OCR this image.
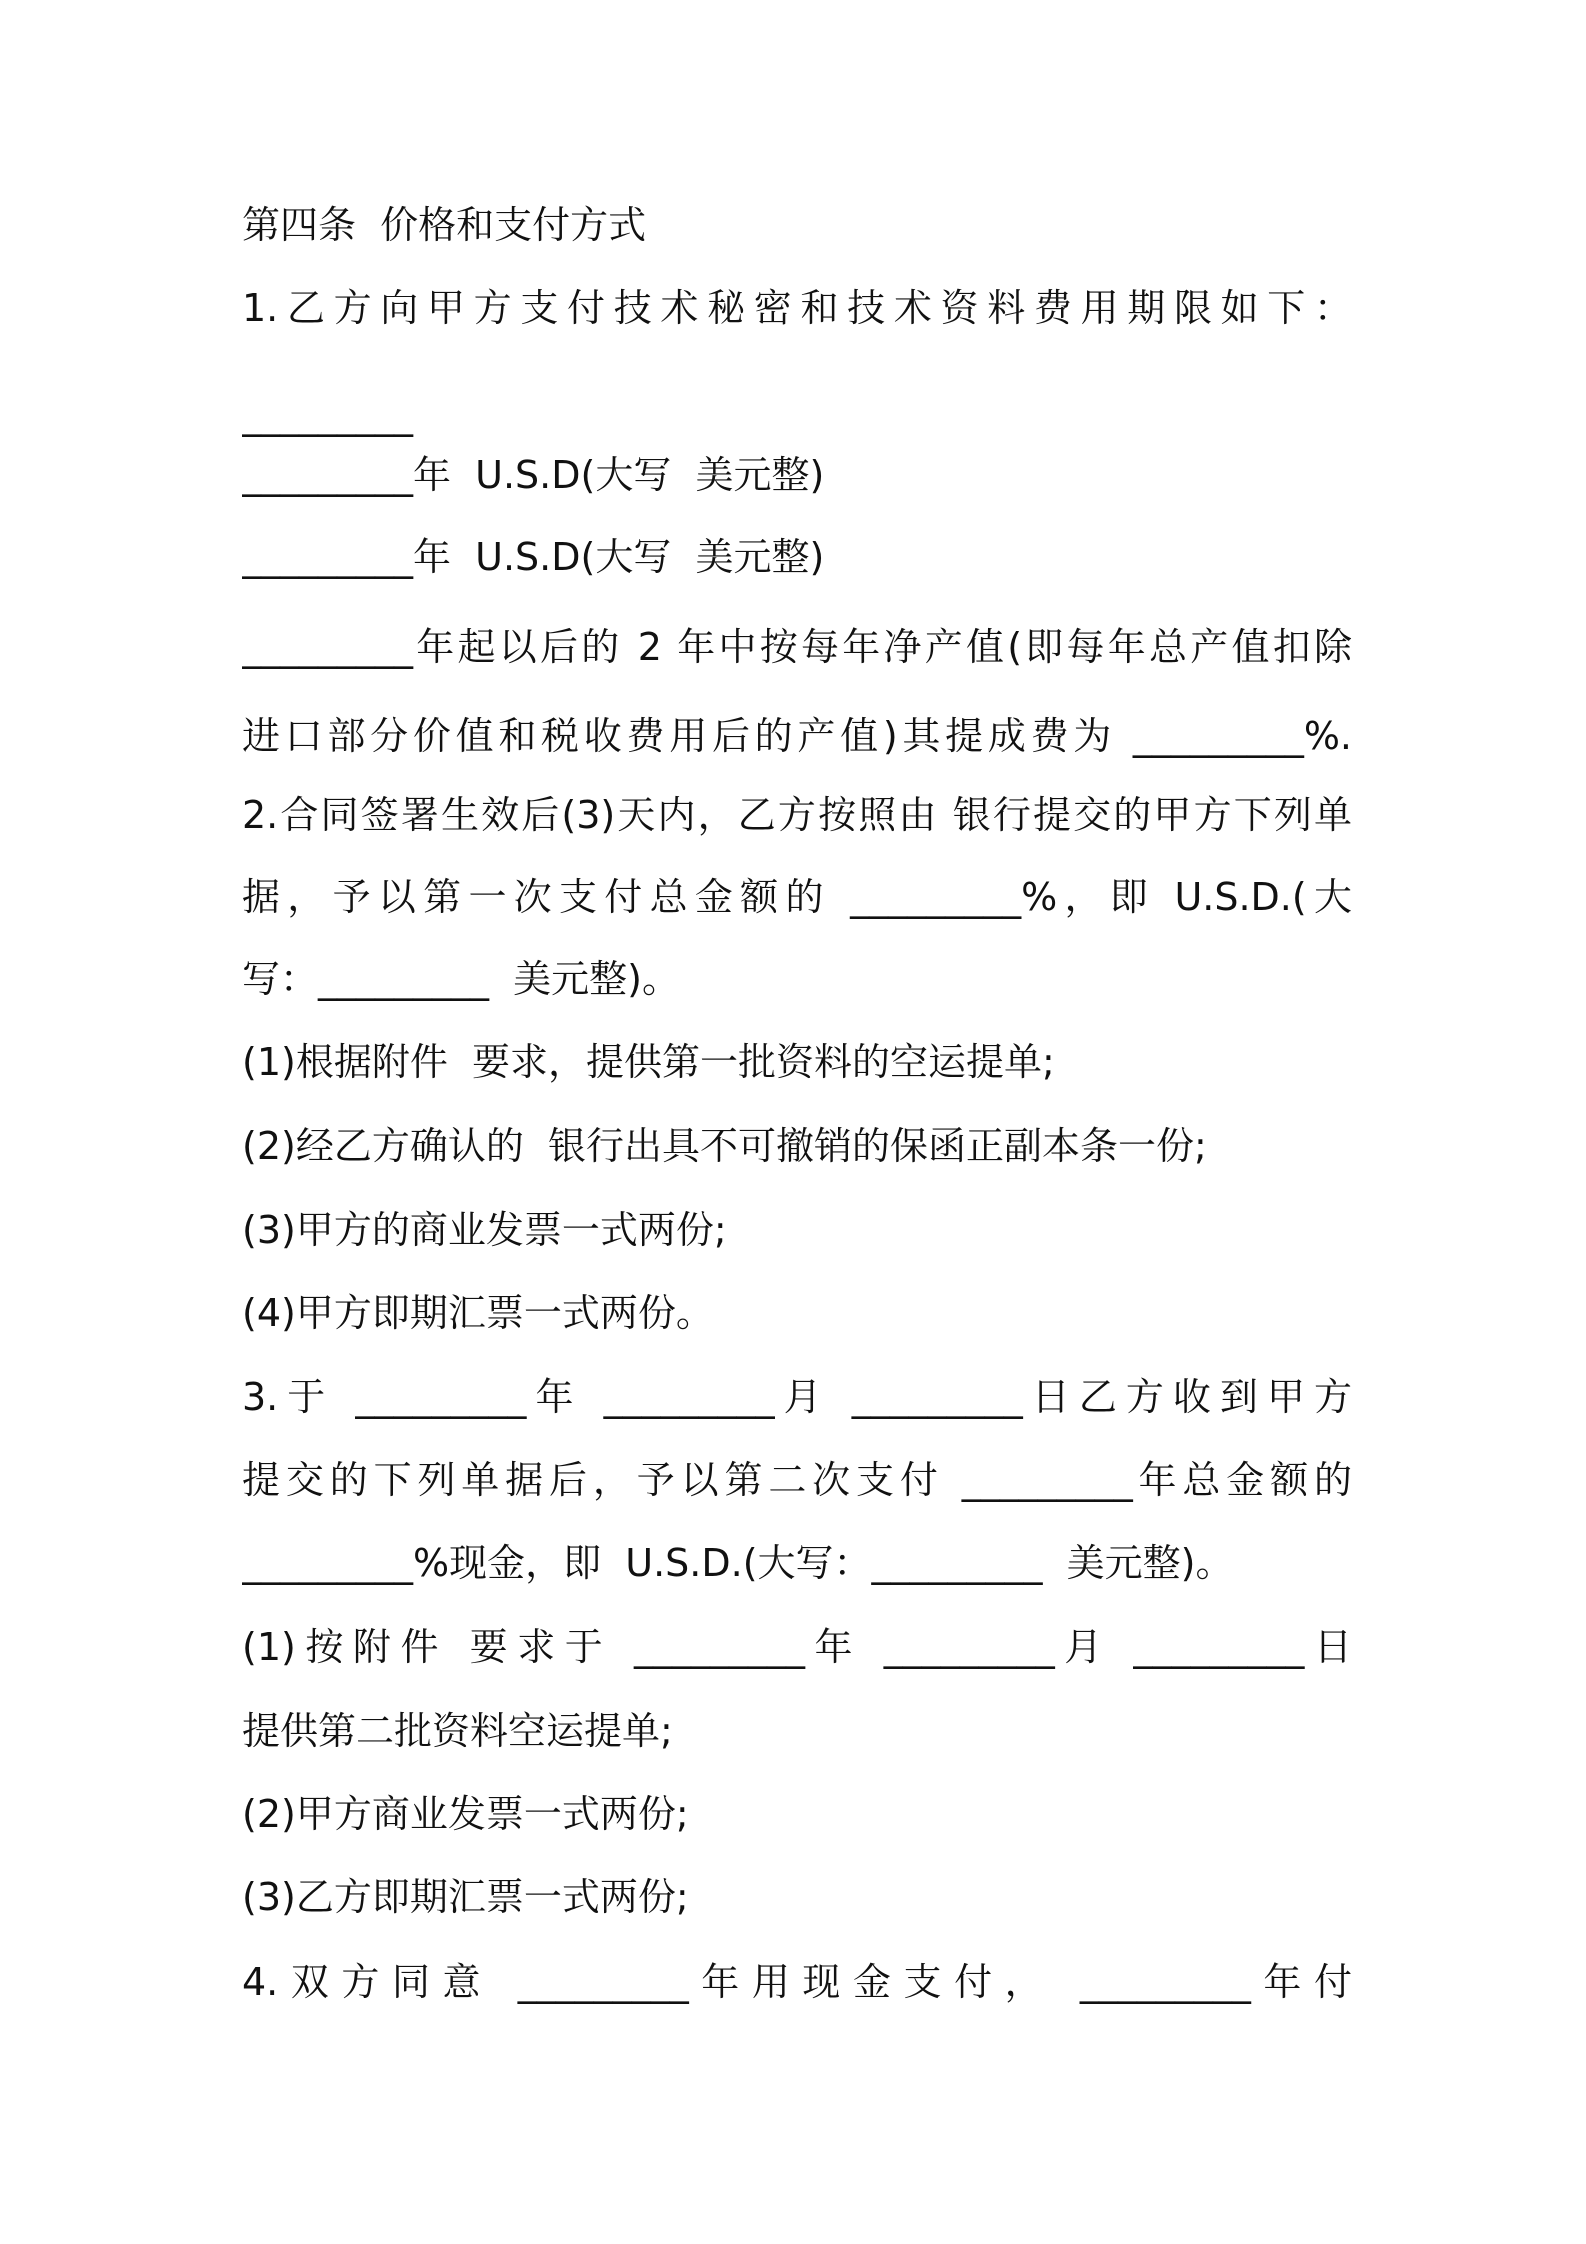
第四条  价格和支付方式
1.乙方向甲方支付技术秘密和技术资料费用期限如下：
_________
_________年  U.S.D(大写  美元整)
_________年  U.S.D(大写  美元整)
_________年起以后的 2 年中按每年净产值(即每年总产值扣除
进口部分价值和税收费用后的产值)其提成费为 _________%.
2.合同签署生效后(3)天内，乙方按照由 银行提交的甲方下列单
据，予以第一次支付总金额的 _________%，即 U.S.D.(大
写：_________  美元整)。
(1)根据附件  要求，提供第一批资料的空运提单;
(2)经乙方确认的  银行出具不可撤销的保函正副本条一份;
(3)甲方的商业发票一式两份;
(4)甲方即期汇票一式两份。
3.于 _________年 _________月 _________日乙方收到甲方
提交的下列单据后，予以第二次支付 _________年总金额的
_________%现金，即  U.S.D.(大写：_________  美元整)。
(1)按附件 要求于 _________年 _________月 _________日
提供第二批资料空运提单;
(2)甲方商业发票一式两份;
(3)乙方即期汇票一式两份;
4.双方同意 _________年用现金支付， _________年付
